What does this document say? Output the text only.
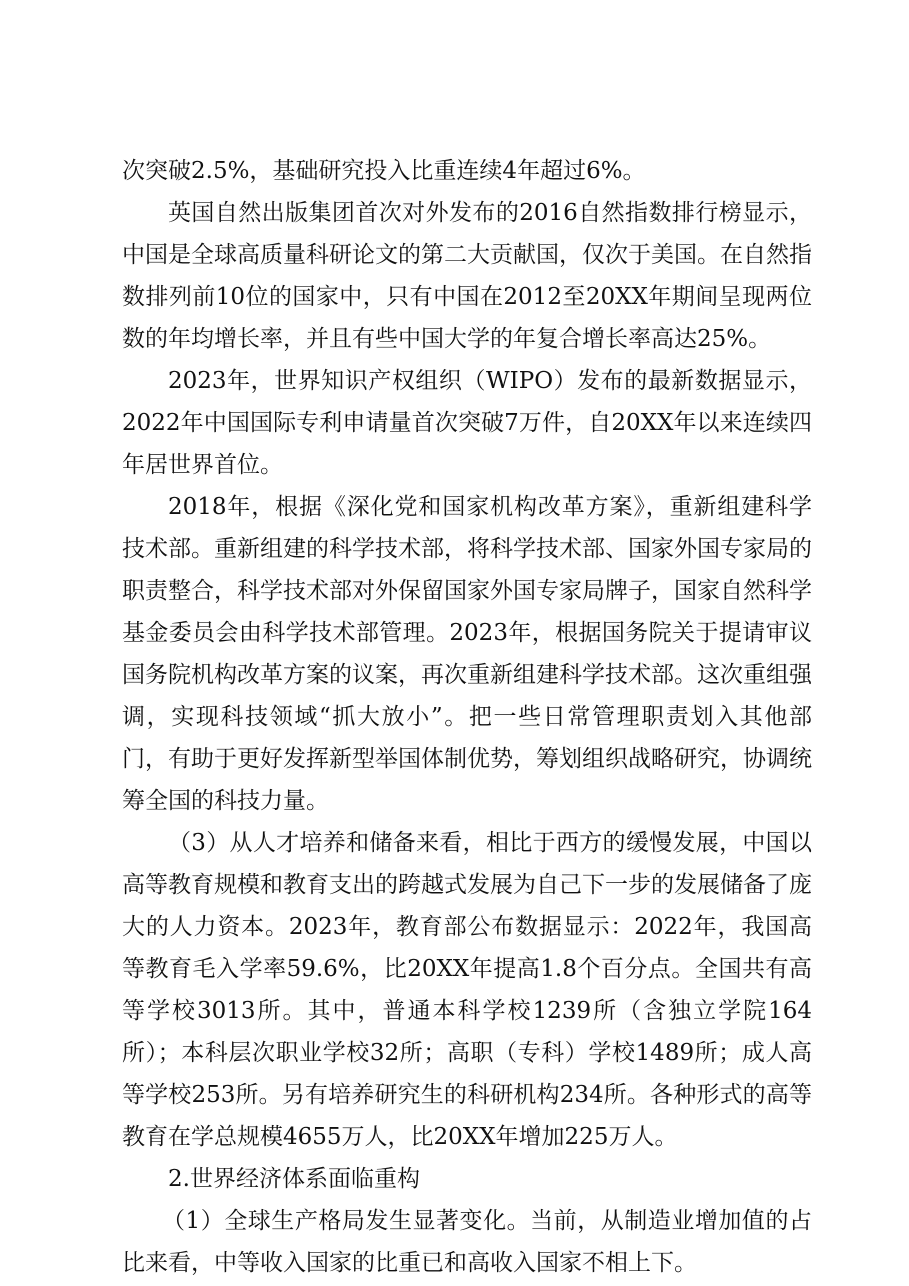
次突破2.5%，基础研究投入比重连续4年超过6%。

英国自然出版集团首次对外发布的2016自然指数排行榜显示，中国是全球高质量科研论文的第二大贡献国，仅次于美国。在自然指数排列前10位的国家中，只有中国在2012至20XX年期间呈现两位数的年均增长率，并且有些中国大学的年复合增长率高达25%。

2023年，世界知识产权组织（WIPO）发布的最新数据显示，2022年中国国际专利申请量首次突破7万件，自20XX年以来连续四年居世界首位。

2018年，根据《深化党和国家机构改革方案》，重新组建科学技术部。重新组建的科学技术部，将科学技术部、国家外国专家局的职责整合，科学技术部对外保留国家外国专家局牌子，国家自然科学基金委员会由科学技术部管理。2023年，根据国务院关于提请审议国务院机构改革方案的议案，再次重新组建科学技术部。这次重组强调，实现科技领域“抓大放小”。把一些日常管理职责划入其他部门，有助于更好发挥新型举国体制优势，筹划组织战略研究，协调统筹全国的科技力量。

（3）从人才培养和储备来看，相比于西方的缓慢发展，中国以高等教育规模和教育支出的跨越式发展为自己下一步的发展储备了庞大的人力资本。2023年，教育部公布数据显示：2022年，我国高等教育毛入学率59.6%，比20XX年提高1.8个百分点。全国共有高等学校3013所。其中，普通本科学校1239所（含独立学院164所）；本科层次职业学校32所；高职（专科）学校1489所；成人高等学校253所。另有培养研究生的科研机构234所。各种形式的高等教育在学总规模4655万人，比20XX年增加225万人。

2.世界经济体系面临重构

（1）全球生产格局发生显著变化。当前，从制造业增加值的占比来看，中等收入国家的比重已和高收入国家不相上下。
